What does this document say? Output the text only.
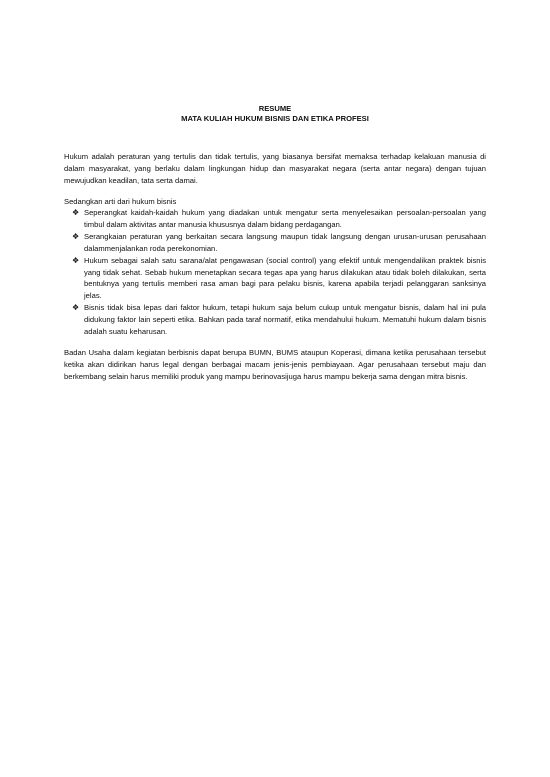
RESUME
MATA KULIAH HUKUM BISNIS DAN ETIKA PROFESI

Hukum adalah peraturan yang tertulis dan tidak tertulis, yang biasanya bersifat memaksa terhadap kelakuan manusia di dalam masyarakat, yang berlaku dalam lingkungan hidup dan masyarakat negara (serta antar negara) dengan tujuan mewujudkan keadilan, tata serta damai.

Sedangkan arti dari hukum bisnis

❖ Seperangkat kaidah-kaidah hukum yang diadakan untuk mengatur serta menyelesaikan persoalan-persoalan yang timbul dalam aktivitas antar manusia khususnya dalam bidang perdagangan.
❖ Serangkaian peraturan yang berkaitan secara langsung maupun tidak langsung dengan urusan-urusan perusahaan dalammenjalankan roda perekonomian.
❖ Hukum sebagai salah satu sarana/alat pengawasan (social control) yang efektif untuk mengendalikan praktek bisnis yang tidak sehat. Sebab hukum menetapkan secara tegas apa yang harus dilakukan atau tidak boleh dilakukan, serta bentuknya yang tertulis memberi rasa aman bagi para pelaku bisnis, karena apabila terjadi pelanggaran sanksinya jelas.
❖ Bisnis tidak bisa lepas dari faktor hukum, tetapi hukum saja belum cukup untuk mengatur bisnis, dalam hal ini pula didukung faktor lain seperti etika. Bahkan pada taraf normatif, etika mendahului hukum. Mematuhi hukum dalam bisnis adalah suatu keharusan.

Badan Usaha dalam kegiatan berbisnis dapat berupa BUMN, BUMS ataupun Koperasi, dimana ketika perusahaan tersebut ketika akan didirikan harus legal dengan berbagai macam jenis-jenis pembiayaan. Agar perusahaan tersebut maju dan berkembang selain harus memiliki produk yang mampu berinovasijuga harus mampu bekerja sama dengan mitra bisnis.
